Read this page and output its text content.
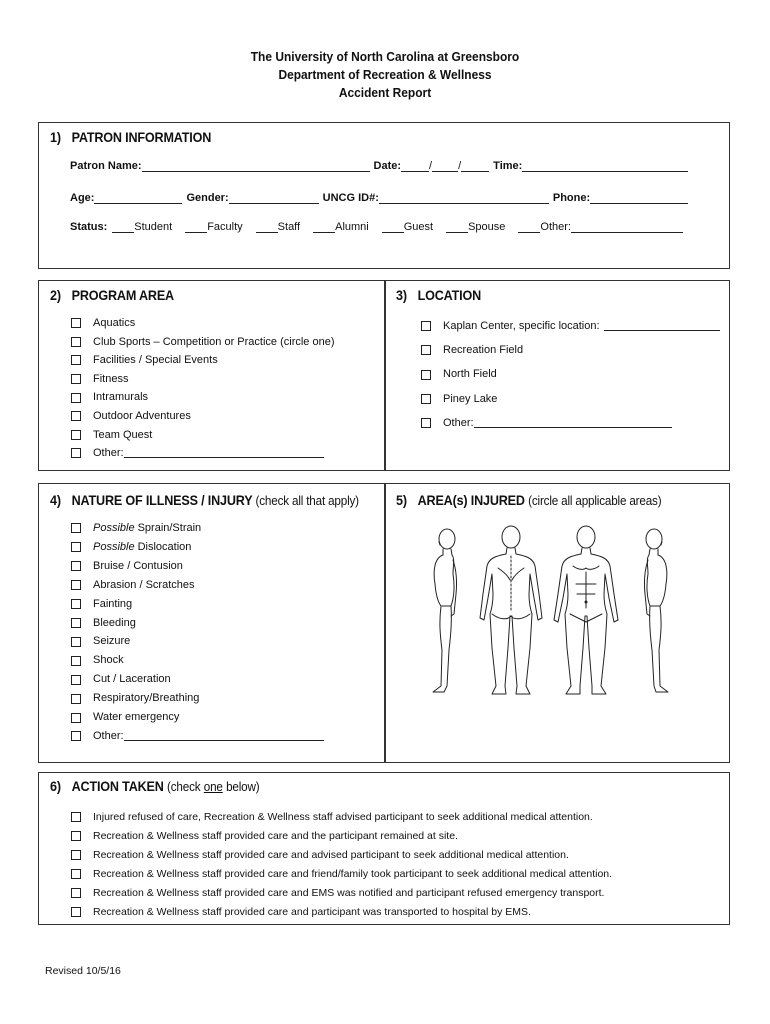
The University of North Carolina at Greensboro
Department of Recreation & Wellness
Accident Report
1) PATRON INFORMATION
Patron Name:	Date:	/ /	Time:
Age:	Gender:	UNCG ID#:	Phone:
Status: Student	Faculty	Staff	Alumni	Guest	Spouse	Other:
2) PROGRAM AREA
Aquatics
Club Sports – Competition or Practice (circle one)
Facilities / Special Events
Fitness
Intramurals
Outdoor Adventures
Team Quest
Other:
3) LOCATION
Kaplan Center, specific location:
Recreation Field
North Field
Piney Lake
Other:
4) NATURE OF ILLNESS / INJURY (check all that apply)
Possible Sprain/Strain
Possible Dislocation
Bruise / Contusion
Abrasion / Scratches
Fainting
Bleeding
Seizure
Shock
Cut / Laceration
Respiratory/Breathing
Water emergency
Other:
5) AREA(s) INJURED (circle all applicable areas)
6) ACTION TAKEN (check one below)
Injured refused of care, Recreation & Wellness staff advised participant to seek additional medical attention.
Recreation & Wellness staff provided care and the participant remained at site.
Recreation & Wellness staff provided care and advised participant to seek additional medical attention.
Recreation & Wellness staff provided care and friend/family took participant to seek additional medical attention.
Recreation & Wellness staff provided care and EMS was notified and participant refused emergency transport.
Recreation & Wellness staff provided care and participant was transported to hospital by EMS.
Revised 10/5/16
